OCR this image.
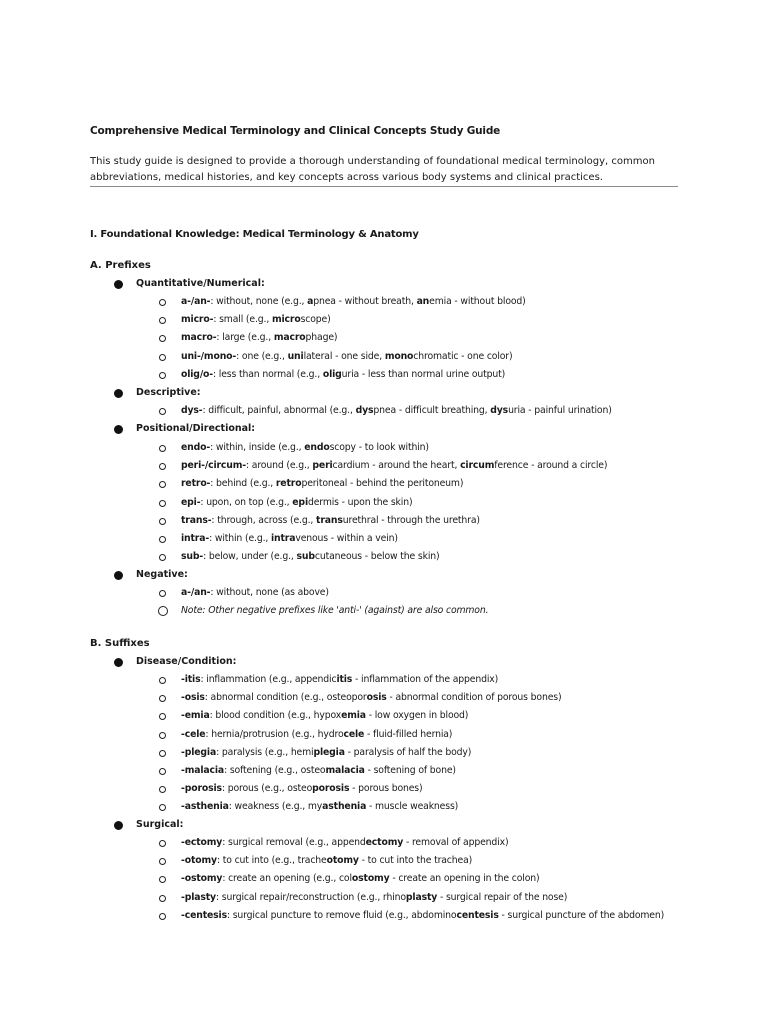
Comprehensive Medical Terminology and Clinical Concepts Study Guide
This study guide is designed to provide a thorough understanding of foundational medical terminology, common abbreviations, medical histories, and key concepts across various body systems and clinical practices.
I. Foundational Knowledge: Medical Terminology & Anatomy
A. Prefixes
Quantitative/Numerical:
a-/an-: without, none (e.g., apnea - without breath, anemia - without blood)
micro-: small (e.g., microscope)
macro-: large (e.g., macrophage)
uni-/mono-: one (e.g., unilateral - one side, monochromatic - one color)
olig/o-: less than normal (e.g., oliguria - less than normal urine output)
Descriptive:
dys-: difficult, painful, abnormal (e.g., dyspnea - difficult breathing, dysuria - painful urination)
Positional/Directional:
endo-: within, inside (e.g., endoscopy - to look within)
peri-/circum-: around (e.g., pericardium - around the heart, circumference - around a circle)
retro-: behind (e.g., retroperitoneal - behind the peritoneum)
epi-: upon, on top (e.g., epidermis - upon the skin)
trans-: through, across (e.g., transurethral - through the urethra)
intra-: within (e.g., intravenous - within a vein)
sub-: below, under (e.g., subcutaneous - below the skin)
Negative:
a-/an-: without, none (as above)
Note: Other negative prefixes like 'anti-' (against) are also common.
B. Suffixes
Disease/Condition:
-itis: inflammation (e.g., appendicitis - inflammation of the appendix)
-osis: abnormal condition (e.g., osteoporosis - abnormal condition of porous bones)
-emia: blood condition (e.g., hypoxemia - low oxygen in blood)
-cele: hernia/protrusion (e.g., hydrocele - fluid-filled hernia)
-plegia: paralysis (e.g., hemiplegia - paralysis of half the body)
-malacia: softening (e.g., osteomalacia - softening of bone)
-porosis: porous (e.g., osteoporosis - porous bones)
-asthenia: weakness (e.g., myasthenia - muscle weakness)
Surgical:
-ectomy: surgical removal (e.g., appendectomy - removal of appendix)
-otomy: to cut into (e.g., tracheotomy - to cut into the trachea)
-ostomy: create an opening (e.g., colostomy - create an opening in the colon)
-plasty: surgical repair/reconstruction (e.g., rhinoplasty - surgical repair of the nose)
-centesis: surgical puncture to remove fluid (e.g., abdominocentesis - surgical puncture of the abdomen)
